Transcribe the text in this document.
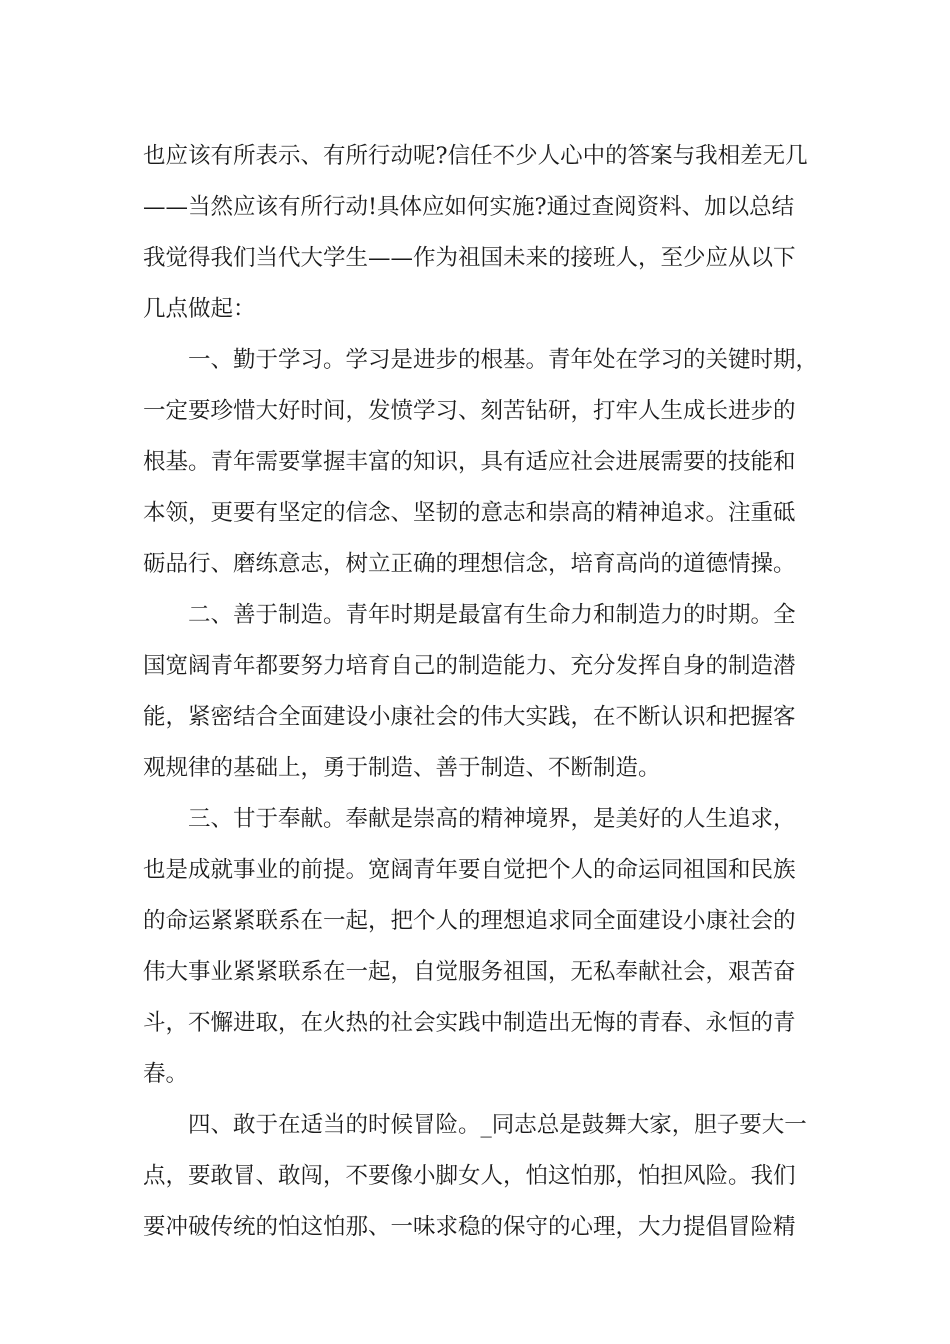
也应该有所表示、有所行动呢?信任不少人心中的答案与我相差无几
——当然应该有所行动!具体应如何实施?通过查阅资料、加以总结
我觉得我们当代大学生——作为祖国未来的接班人，至少应从以下
几点做起：
　　一、勤于学习。学习是进步的根基。青年处在学习的关键时期，
一定要珍惜大好时间，发愤学习、刻苦钻研，打牢人生成长进步的
根基。青年需要掌握丰富的知识，具有适应社会进展需要的技能和
本领，更要有坚定的信念、坚韧的意志和崇高的精神追求。注重砥
砺品行、磨练意志，树立正确的理想信念，培育高尚的道德情操。
　　二、善于制造。青年时期是最富有生命力和制造力的时期。全
国宽阔青年都要努力培育自己的制造能力、充分发挥自身的制造潜
能，紧密结合全面建设小康社会的伟大实践，在不断认识和把握客
观规律的基础上，勇于制造、善于制造、不断制造。
　　三、甘于奉献。奉献是崇高的精神境界，是美好的人生追求，
也是成就事业的前提。宽阔青年要自觉把个人的命运同祖国和民族
的命运紧紧联系在一起，把个人的理想追求同全面建设小康社会的
伟大事业紧紧联系在一起，自觉服务祖国，无私奉献社会，艰苦奋
斗，不懈进取，在火热的社会实践中制造出无悔的青春、永恒的青
春。
　　四、敢于在适当的时候冒险。_同志总是鼓舞大家，胆子要大一
点，要敢冒、敢闯，不要像小脚女人，怕这怕那，怕担风险。我们
要冲破传统的怕这怕那、一味求稳的保守的心理，大力提倡冒险精
